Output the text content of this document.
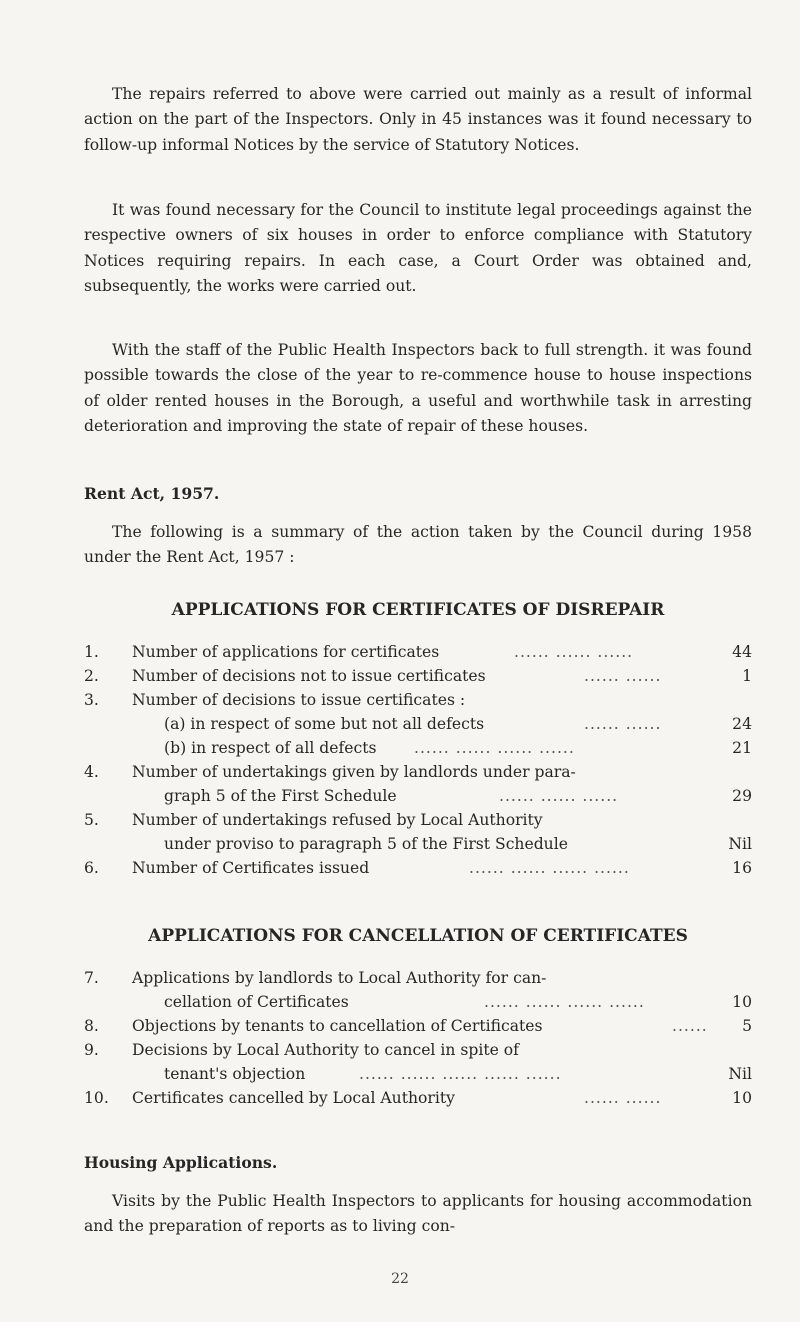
The repairs referred to above were carried out mainly as a result of informal action on the part of the Inspectors. Only in 45 instances was it found necessary to follow-up informal Notices by the service of Statutory Notices.

It was found necessary for the Council to institute legal proceedings against the respective owners of six houses in order to enforce compliance with Statutory Notices requiring repairs. In each case, a Court Order was obtained and, subsequently, the works were carried out.

With the staff of the Public Health Inspectors back to full strength. it was found possible towards the close of the year to re-commence house to house inspections of older rented houses in the Borough, a useful and worthwhile task in arresting deterioration and improving the state of repair of these houses.

Rent Act, 1957.

The following is a summary of the action taken by the Council during 1958 under the Rent Act, 1957 :

APPLICATIONS FOR CERTIFICATES OF DISREPAIR
1.	Number of applications for certificates	...... ...... ......	44
2.	Number of decisions not to issue certificates	...... ......	1
3.	Number of decisions to issue certificates :
(a) in respect of some but not all defects	...... ......	24
(b) in respect of all defects ...... ...... ...... ......	21
4.	Number of undertakings given by landlords under para-
graph 5 of the First Schedule	...... ...... ......	29
5.	Number of undertakings refused by Local Authority
under proviso to paragraph 5 of the First Schedule	Nil
6.	Number of Certificates issued	...... ...... ...... ......	16
APPLICATIONS FOR CANCELLATION OF CERTIFICATES
7.	Applications by landlords to Local Authority for can-
cellation of Certificates	...... ...... ...... ......	10
8.	Objections by tenants to cancellation of Certificates	...... 5
9.	Decisions by Local Authority to cancel in spite of
tenant's objection	...... ...... ...... ...... ......	Nil
10.	Certificates cancelled by Local Authority	...... ......	10
Housing Applications.

Visits by the Public Health Inspectors to applicants for housing accommodation and the preparation of reports as to living con-

22
